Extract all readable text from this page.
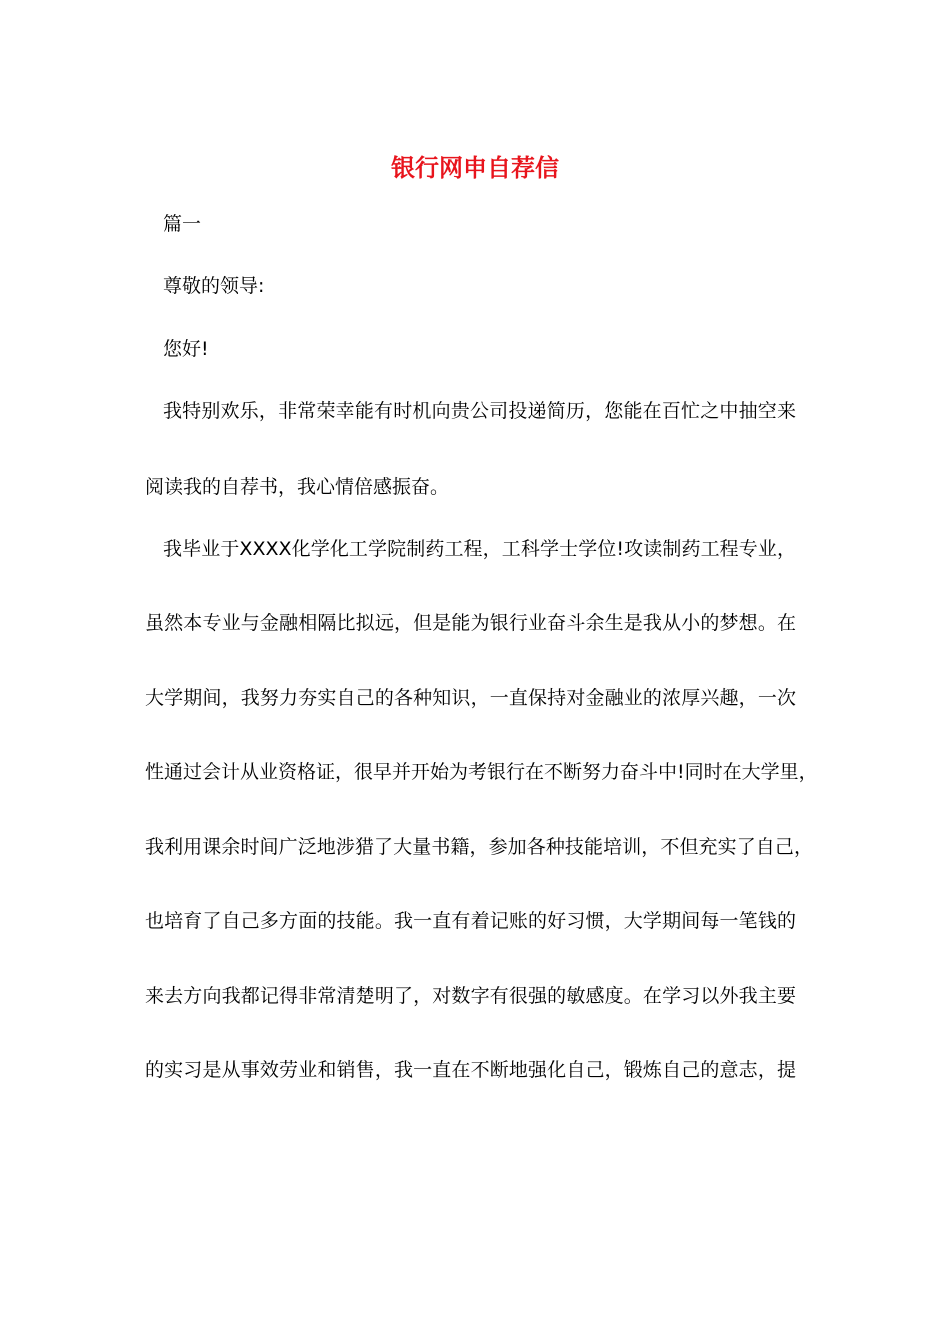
银行网申自荐信
篇一
尊敬的领导:
您好!
我特别欢乐，非常荣幸能有时机向贵公司投递简历，您能在百忙之中抽空来
阅读我的自荐书，我心情倍感振奋。
我毕业于XXXX化学化工学院制药工程，工科学士学位!攻读制药工程专业，
虽然本专业与金融相隔比拟远，但是能为银行业奋斗余生是我从小的梦想。在
大学期间，我努力夯实自己的各种知识，一直保持对金融业的浓厚兴趣，一次
性通过会计从业资格证，很早并开始为考银行在不断努力奋斗中!同时在大学里，
我利用课余时间广泛地涉猎了大量书籍，参加各种技能培训，不但充实了自己，
也培育了自己多方面的技能。我一直有着记账的好习惯，大学期间每一笔钱的
来去方向我都记得非常清楚明了，对数字有很强的敏感度。在学习以外我主要
的实习是从事效劳业和销售，我一直在不断地强化自己，锻炼自己的意志，提
